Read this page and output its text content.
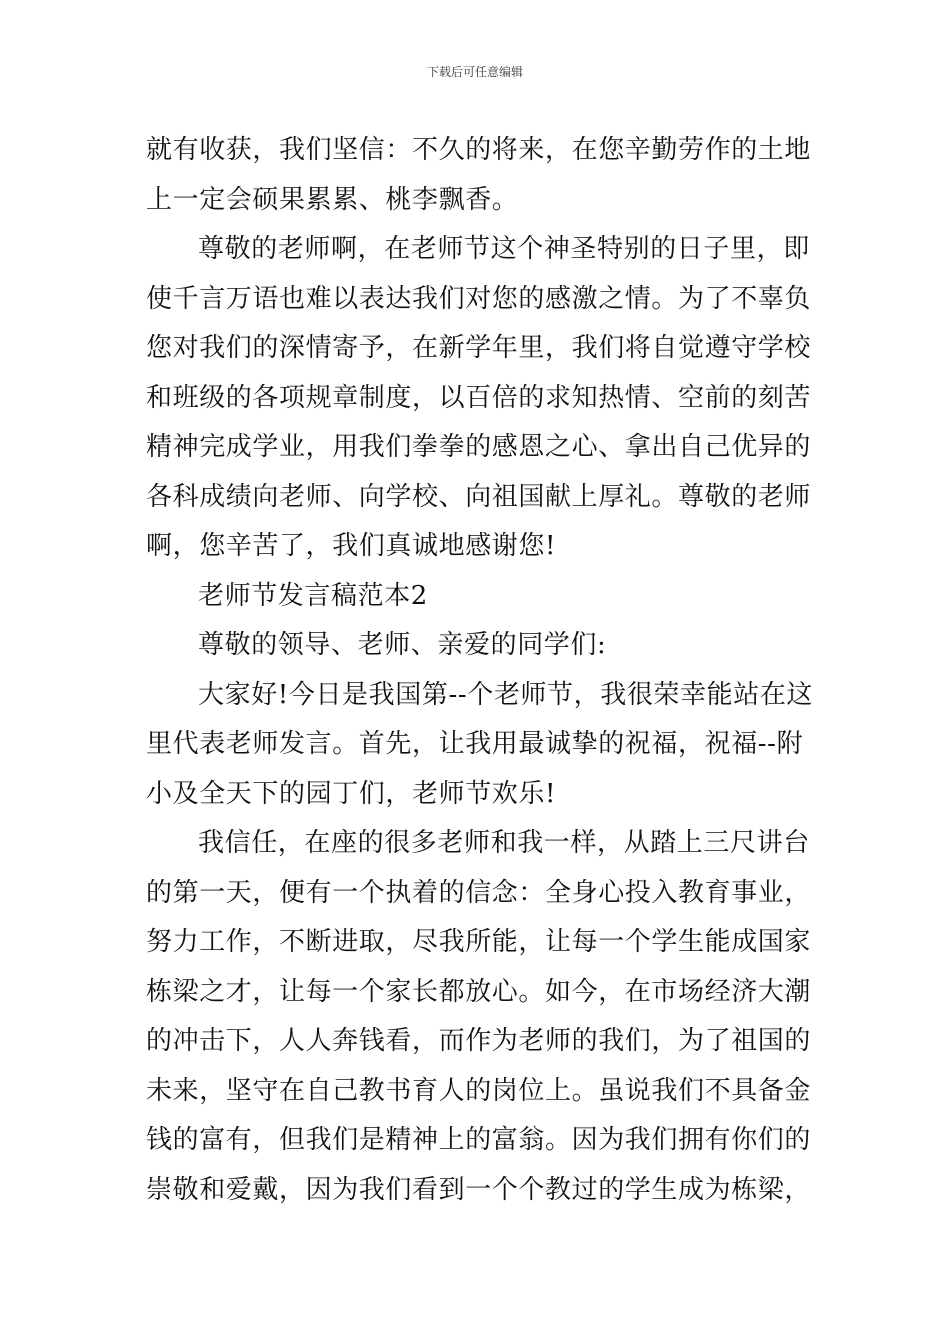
下载后可任意编辑
就有收获，我们坚信：不久的将来，在您辛勤劳作的土地
上一定会硕果累累、桃李飘香。
尊敬的老师啊，在老师节这个神圣特别的日子里，即
使千言万语也难以表达我们对您的感激之情。为了不辜负
您对我们的深情寄予，在新学年里，我们将自觉遵守学校
和班级的各项规章制度，以百倍的求知热情、空前的刻苦
精神完成学业，用我们拳拳的感恩之心、拿出自己优异的
各科成绩向老师、向学校、向祖国献上厚礼。尊敬的老师
啊，您辛苦了，我们真诚地感谢您!
老师节发言稿范本2
尊敬的领导、老师、亲爱的同学们:
大家好!今日是我国第--个老师节，我很荣幸能站在这
里代表老师发言。首先，让我用最诚挚的祝福，祝福--附
小及全天下的园丁们，老师节欢乐!
我信任，在座的很多老师和我一样，从踏上三尺讲台
的第一天，便有一个执着的信念：全身心投入教育事业，
努力工作，不断进取，尽我所能，让每一个学生能成国家
栋梁之才，让每一个家长都放心。如今，在市场经济大潮
的冲击下，人人奔钱看，而作为老师的我们，为了祖国的
未来，坚守在自己教书育人的岗位上。虽说我们不具备金
钱的富有，但我们是精神上的富翁。因为我们拥有你们的
崇敬和爱戴，因为我们看到一个个教过的学生成为栋梁，
